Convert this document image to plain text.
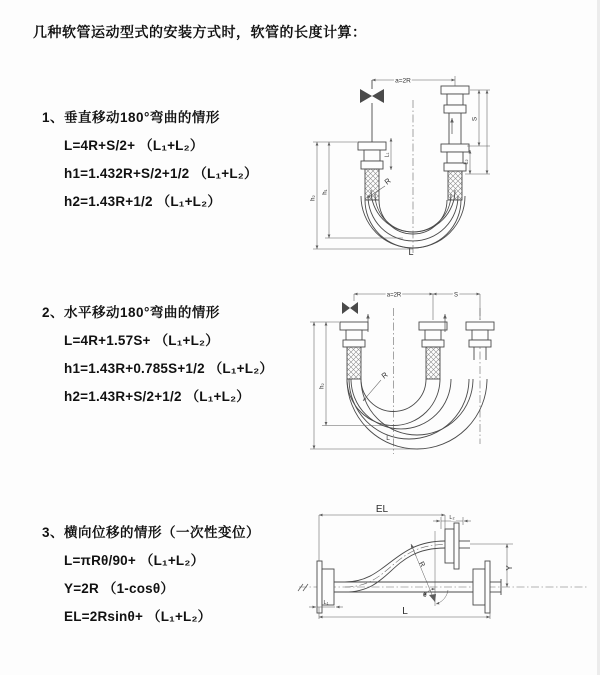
几种软管运动型式的安装方式时，软管的长度计算：
1、垂直移动180°弯曲的情形
L=4R+S/2+ （L₁+L₂）
h1=1.432R+S/2+1/2 （L₁+L₂）
h2=1.43R+1/2 （L₁+L₂）
2、水平移动180°弯曲的情形
L=4R+1.57S+ （L₁+L₂）
h1=1.43R+0.785S+1/2 （L₁+L₂）
h2=1.43R+S/2+1/2 （L₁+L₂）
3、横向位移的情形（一次性变位）
L=πRθ/90+ （L₁+L₂）
Y=2R （1-cosθ）
EL=2Rsinθ+ （L₁+L₂）
a=2R
h₂
h₁
L₁
S
L₂
R
L
a=2R	S
h₂
R
L
EL
L₂
Y
R
θ
L
L₁
